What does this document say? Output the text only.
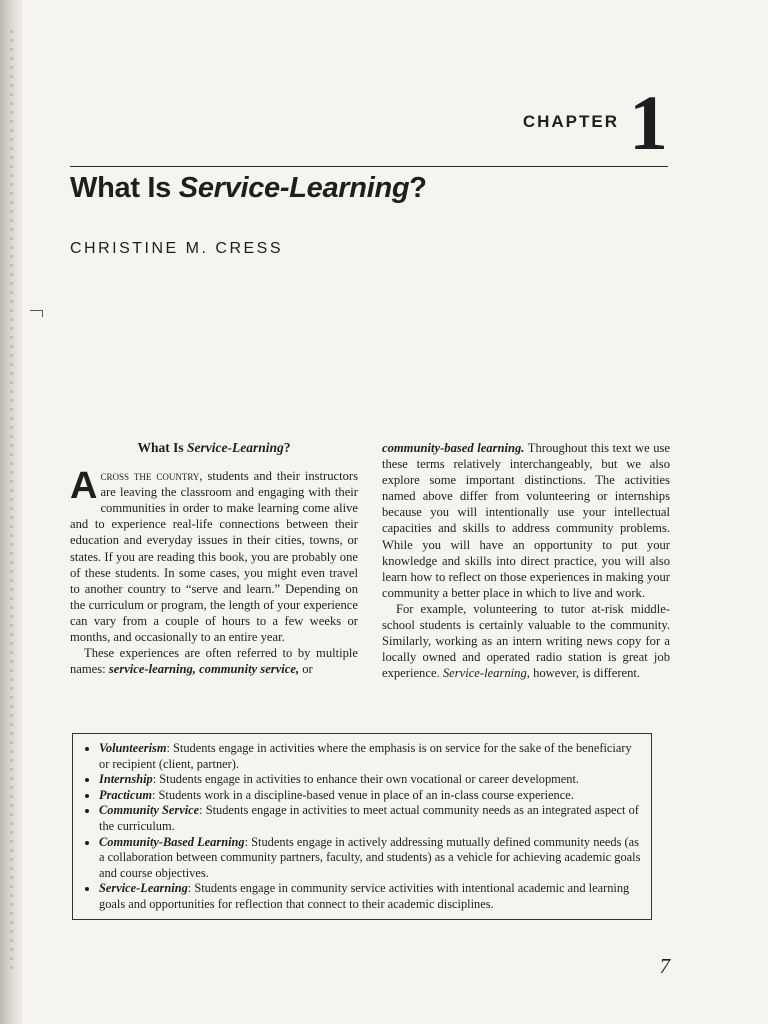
CHAPTER 1
What Is Service-Learning?
CHRISTINE M. CRESS
What Is Service-Learning?

Across the country, students and their instructors are leaving the classroom and engaging with their communities in order to make learning come alive and to experience real-life connections between their education and everyday issues in their cities, towns, or states. If you are reading this book, you are probably one of these students. In some cases, you might even travel to another country to “serve and learn.” Depending on the curriculum or program, the length of your experience can vary from a couple of hours to a few weeks or months, and occasionally to an entire year.

These experiences are often referred to by multiple names: service-learning, community service, or

community-based learning. Throughout this text we use these terms relatively interchangeably, but we also explore some important distinctions. The activities named above differ from volunteering or internships because you will intentionally use your intellectual capacities and skills to address community problems. While you will have an opportunity to put your knowledge and skills into direct practice, you will also learn how to reflect on those experiences in making your community a better place in which to live and work.

For example, volunteering to tutor at-risk middle-school students is certainly valuable to the community. Similarly, working as an intern writing news copy for a locally owned and operated radio station is great job experience. Service-learning, however, is different.

• Volunteerism: Students engage in activities where the emphasis is on service for the sake of the beneficiary or recipient (client, partner).
• Internship: Students engage in activities to enhance their own vocational or career development.
• Practicum: Students work in a discipline-based venue in place of an in-class course experience.
• Community Service: Students engage in activities to meet actual community needs as an integrated aspect of the curriculum.
• Community-Based Learning: Students engage in actively addressing mutually defined community needs (as a collaboration between community partners, faculty, and students) as a vehicle for achieving academic goals and course objectives.
• Service-Learning: Students engage in community service activities with intentional academic and learning goals and opportunities for reflection that connect to their academic disciplines.
7
